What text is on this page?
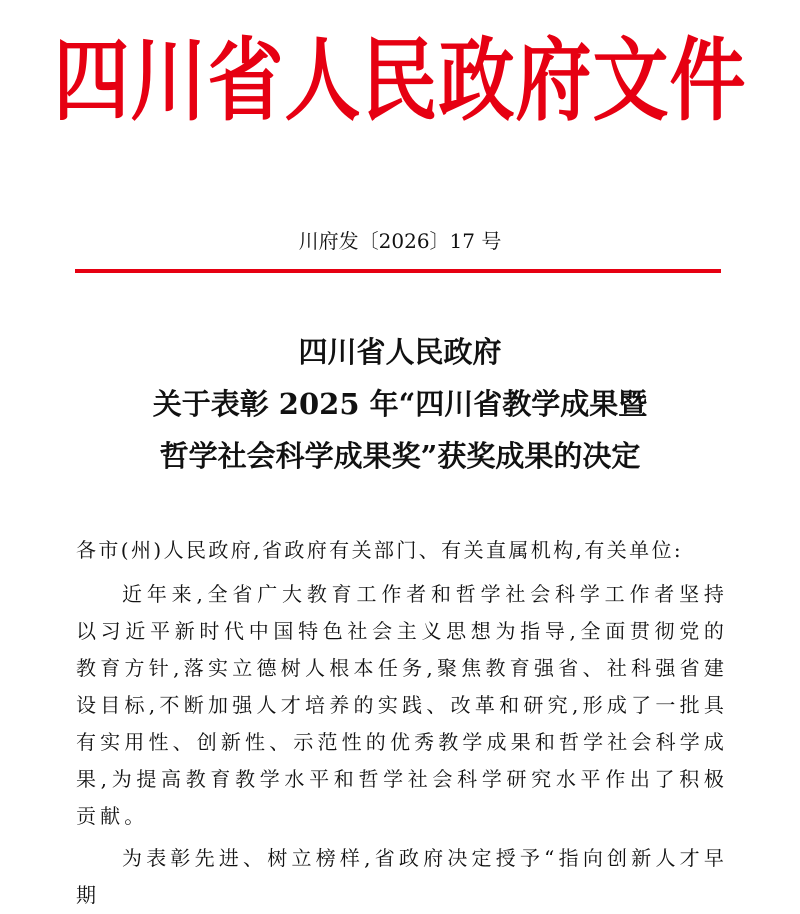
四川省人民政府文件
川府发〔2026〕17 号
四川省人民政府
关于表彰 2025 年“四川省教学成果暨
哲学社会科学成果奖”获奖成果的决定
各市(州)人民政府,省政府有关部门、有关直属机构,有关单位:
近年来,全省广大教育工作者和哲学社会科学工作者坚持以习近平新时代中国特色社会主义思想为指导,全面贯彻党的教育方针,落实立德树人根本任务,聚焦教育强省、社科强省建设目标,不断加强人才培养的实践、改革和研究,形成了一批具有实用性、创新性、示范性的优秀教学成果和哲学社会科学成果,为提高教育教学水平和哲学社会科学研究水平作出了积极贡献。
为表彰先进、树立榜样,省政府决定授予“指向创新人才早期
